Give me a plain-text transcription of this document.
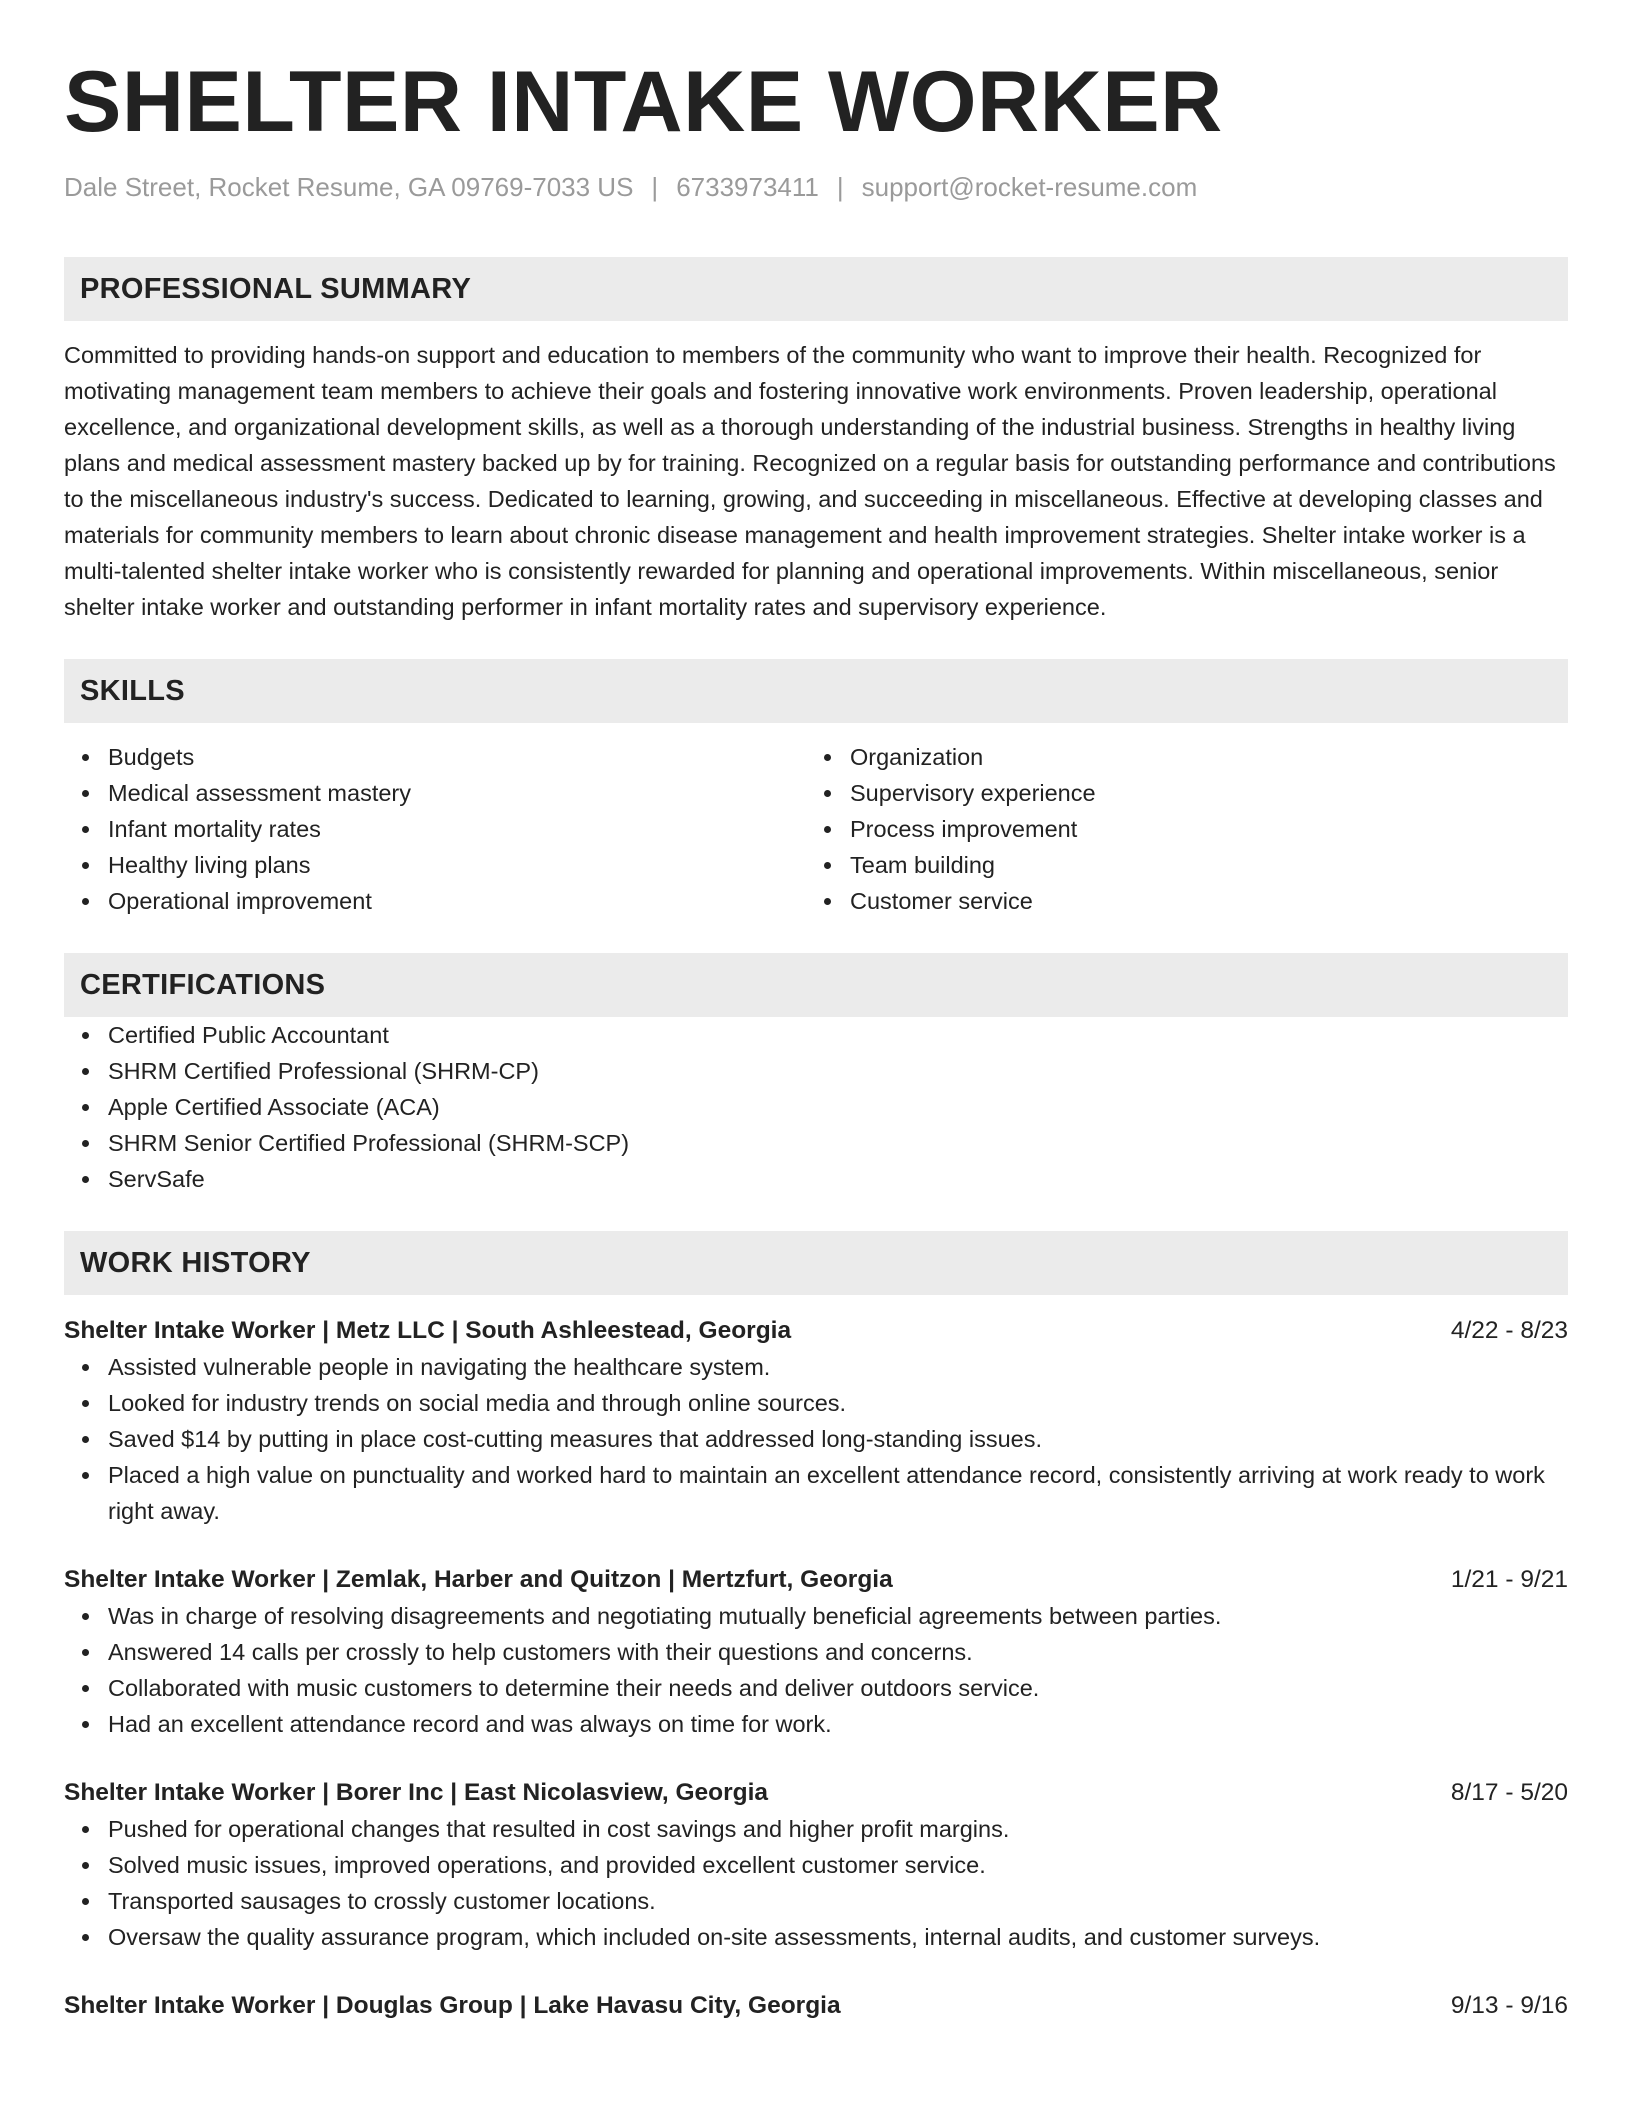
SHELTER INTAKE WORKER
Dale Street, Rocket Resume, GA 09769-7033 US | 6733973411 | support@rocket-resume.com
PROFESSIONAL SUMMARY
Committed to providing hands-on support and education to members of the community who want to improve their health. Recognized for motivating management team members to achieve their goals and fostering innovative work environments. Proven leadership, operational excellence, and organizational development skills, as well as a thorough understanding of the industrial business. Strengths in healthy living plans and medical assessment mastery backed up by for training. Recognized on a regular basis for outstanding performance and contributions to the miscellaneous industry's success. Dedicated to learning, growing, and succeeding in miscellaneous. Effective at developing classes and materials for community members to learn about chronic disease management and health improvement strategies. Shelter intake worker is a multi-talented shelter intake worker who is consistently rewarded for planning and operational improvements. Within miscellaneous, senior shelter intake worker and outstanding performer in infant mortality rates and supervisory experience.
SKILLS
Budgets
Medical assessment mastery
Infant mortality rates
Healthy living plans
Operational improvement
Organization
Supervisory experience
Process improvement
Team building
Customer service
CERTIFICATIONS
Certified Public Accountant
SHRM Certified Professional (SHRM-CP)
Apple Certified Associate (ACA)
SHRM Senior Certified Professional (SHRM-SCP)
ServSafe
WORK HISTORY
Shelter Intake Worker | Metz LLC | South Ashleestead, Georgia	4/22 - 8/23
Assisted vulnerable people in navigating the healthcare system.
Looked for industry trends on social media and through online sources.
Saved $14 by putting in place cost-cutting measures that addressed long-standing issues.
Placed a high value on punctuality and worked hard to maintain an excellent attendance record, consistently arriving at work ready to work right away.
Shelter Intake Worker | Zemlak, Harber and Quitzon | Mertzfurt, Georgia	1/21 - 9/21
Was in charge of resolving disagreements and negotiating mutually beneficial agreements between parties.
Answered 14 calls per crossly to help customers with their questions and concerns.
Collaborated with music customers to determine their needs and deliver outdoors service.
Had an excellent attendance record and was always on time for work.
Shelter Intake Worker | Borer Inc | East Nicolasview, Georgia	8/17 - 5/20
Pushed for operational changes that resulted in cost savings and higher profit margins.
Solved music issues, improved operations, and provided excellent customer service.
Transported sausages to crossly customer locations.
Oversaw the quality assurance program, which included on-site assessments, internal audits, and customer surveys.
Shelter Intake Worker | Douglas Group | Lake Havasu City, Georgia	9/13 - 9/16
